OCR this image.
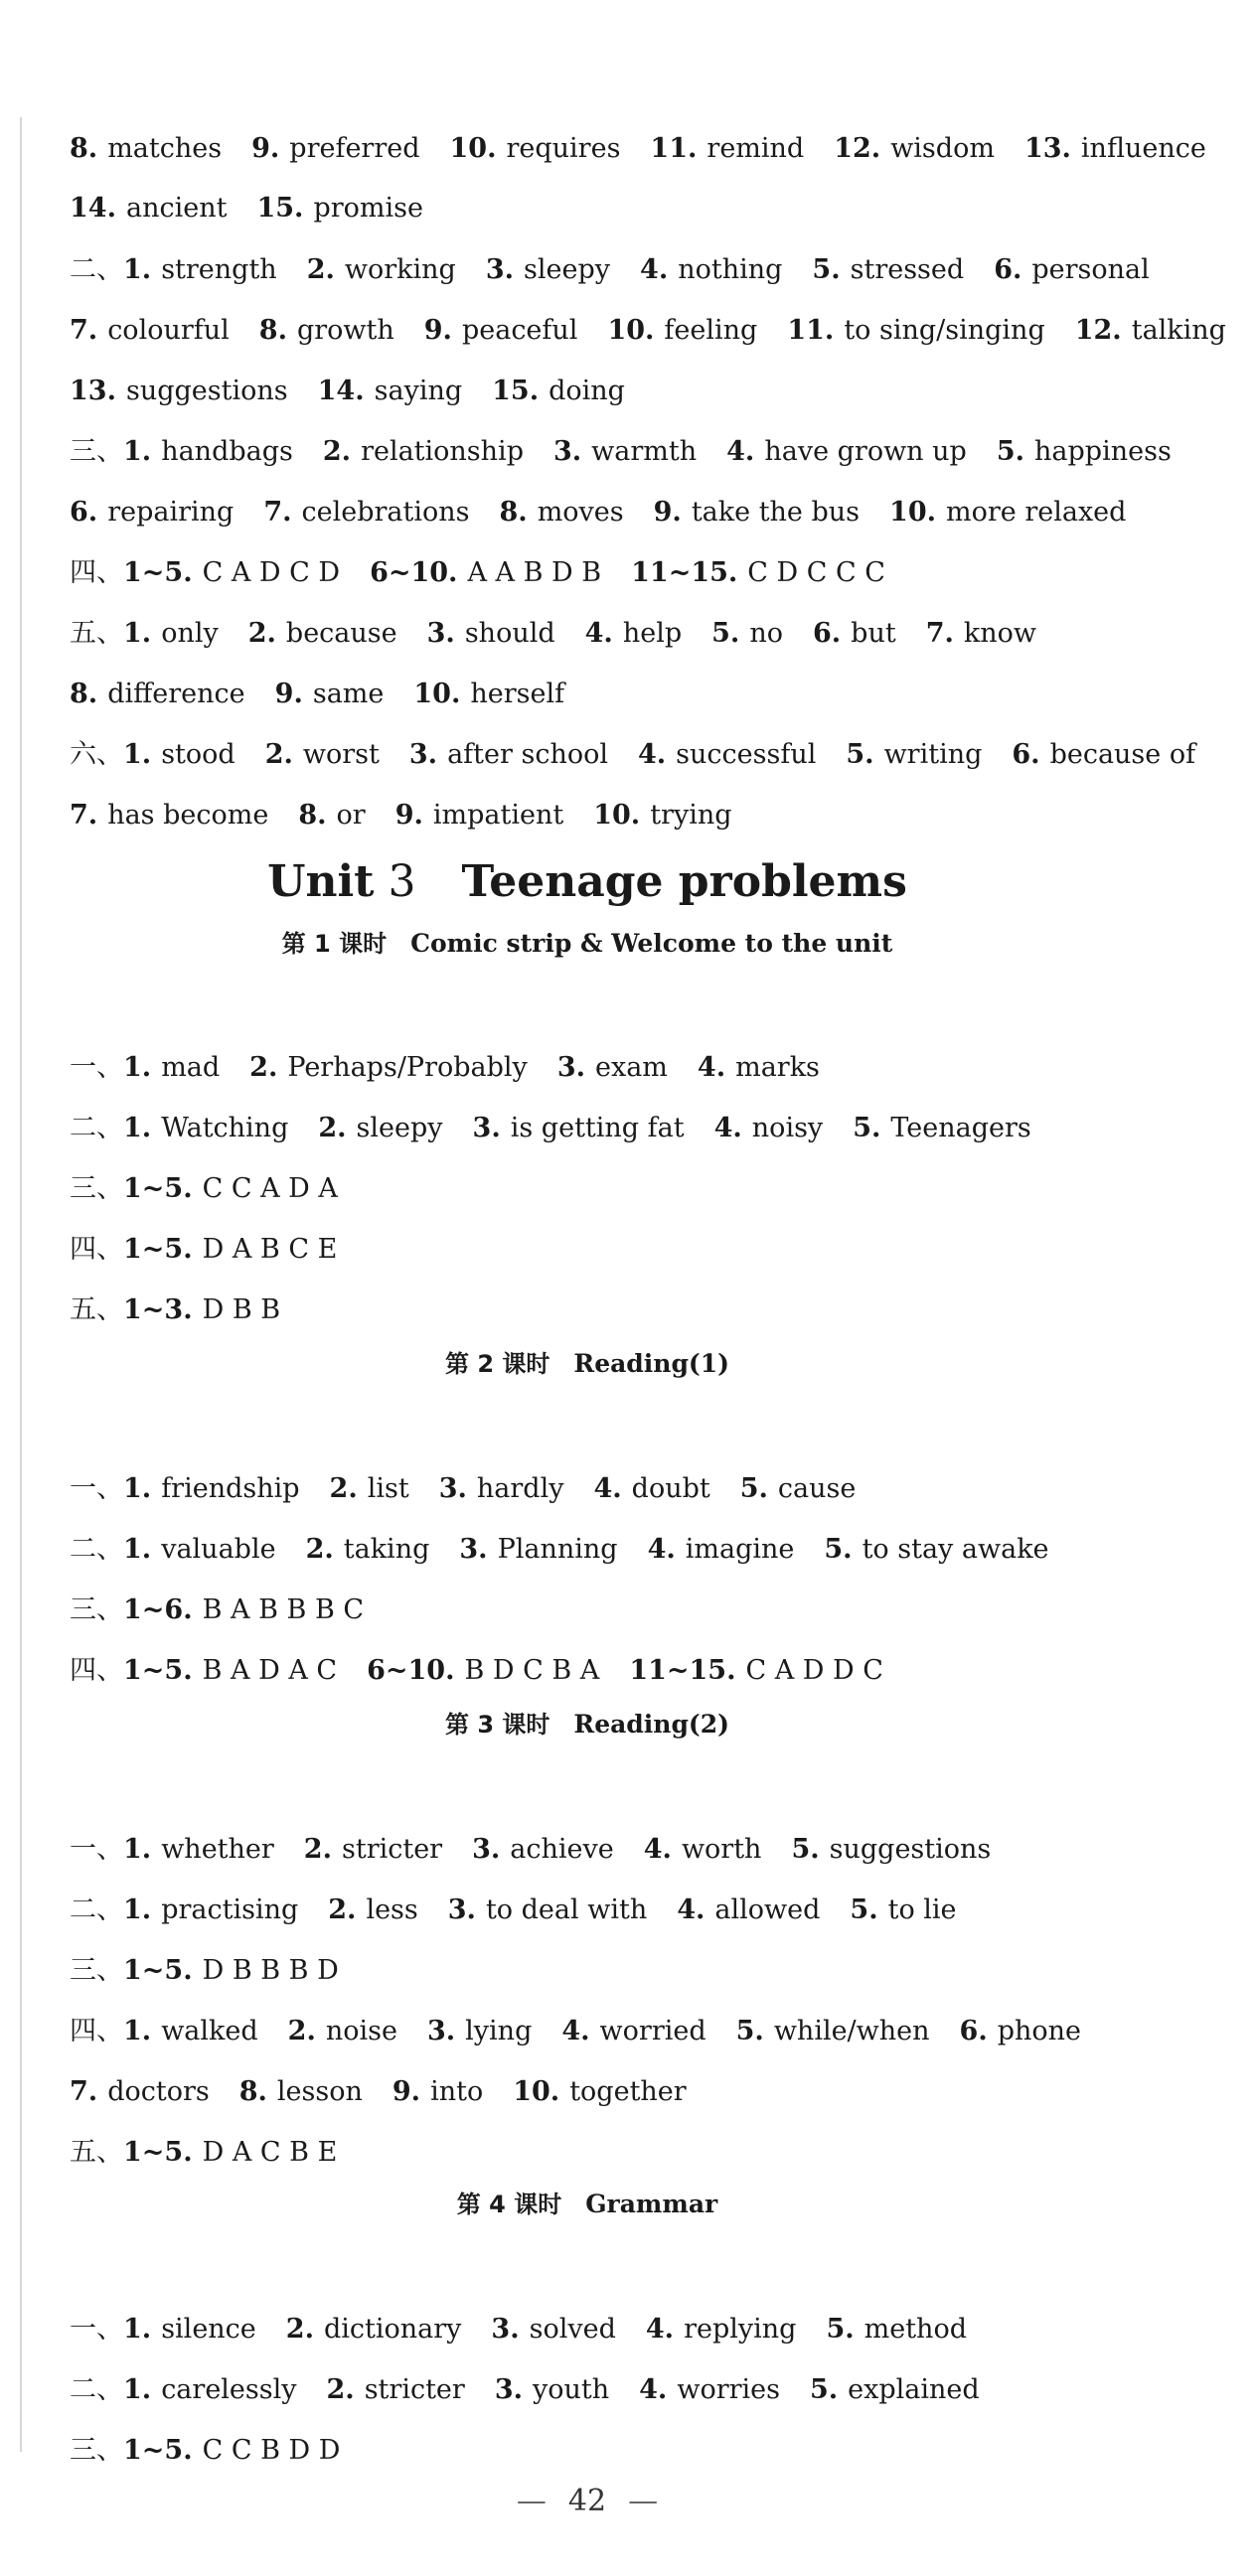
8. matches 9. preferred 10. requires 11. remind 12. wisdom 13. influence
14. ancient 15. promise
二、1. strength 2. working 3. sleepy 4. nothing 5. stressed 6. personal
7. colourful 8. growth 9. peaceful 10. feeling 11. to sing/singing 12. talking
13. suggestions 14. saying 15. doing
三、1. handbags 2. relationship 3. warmth 4. have grown up 5. happiness
6. repairing 7. celebrations 8. moves 9. take the bus 10. more relaxed
四、1~5. C A D C D 6~10. A A B D B 11~15. C D C C C
五、1. only 2. because 3. should 4. help 5. no 6. but 7. know
8. difference 9. same 10. herself
六、1. stood 2. worst 3. after school 4. successful 5. writing 6. because of
7. has become 8. or 9. impatient 10. trying
一、1. mad 2. Perhaps/Probably 3. exam 4. marks
二、1. Watching 2. sleepy 3. is getting fat 4. noisy 5. Teenagers
三、1~5. C C A D A
四、1~5. D A B C E
五、1~3. D B B
一、1. friendship 2. list 3. hardly 4. doubt 5. cause
二、1. valuable 2. taking 3. Planning 4. imagine 5. to stay awake
三、1~6. B A B B B C
四、1~5. B A D A C 6~10. B D C B A 11~15. C A D D C
一、1. whether 2. stricter 3. achieve 4. worth 5. suggestions
二、1. practising 2. less 3. to deal with 4. allowed 5. to lie
三、1~5. D B B B D
四、1. walked 2. noise 3. lying 4. worried 5. while/when 6. phone
7. doctors 8. lesson 9. into 10. together
五、1~5. D A C B E
一、1. silence 2. dictionary 3. solved 4. replying 5. method
二、1. carelessly 2. stricter 3. youth 4. worries 5. explained
三、1~5. C C B D D
Unit 3 Teenage problems
第 1 课时 Comic strip & Welcome to the unit
第 2 课时 Reading(1)
第 3 课时 Reading(2)
第 4 课时 Grammar
— 42 —
